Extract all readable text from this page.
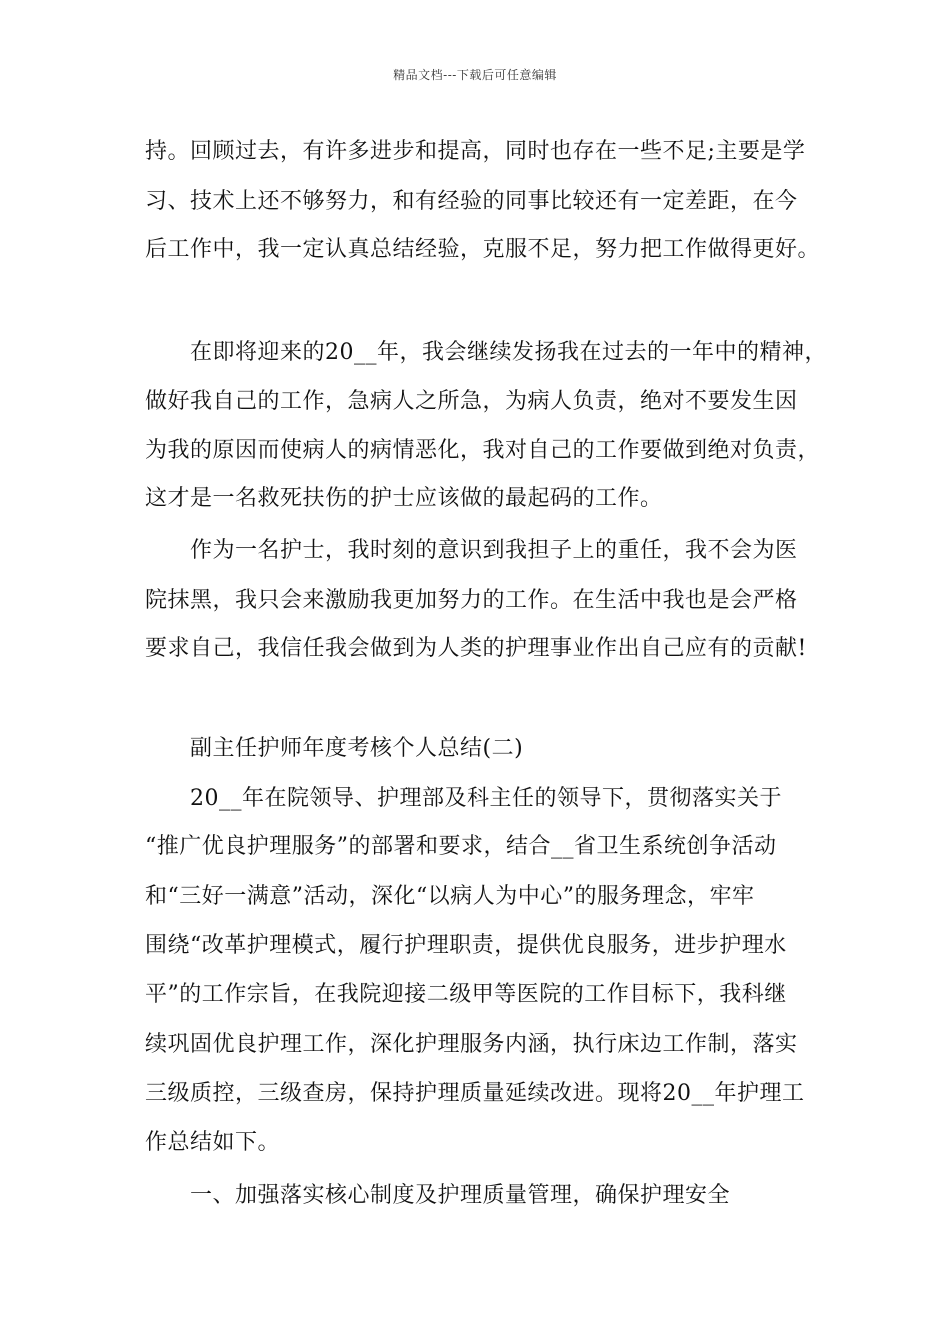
精品文档---下载后可任意编辑
持。回顾过去，有许多进步和提高，同时也存在一些不足;主要是学
习、技术上还不够努力，和有经验的同事比较还有一定差距，在今
后工作中，我一定认真总结经验，克服不足，努力把工作做得更好。
在即将迎来的20__年，我会继续发扬我在过去的一年中的精神，
做好我自己的工作，急病人之所急，为病人负责，绝对不要发生因
为我的原因而使病人的病情恶化，我对自己的工作要做到绝对负责，
这才是一名救死扶伤的护士应该做的最起码的工作。
作为一名护士，我时刻的意识到我担子上的重任，我不会为医
院抹黑，我只会来激励我更加努力的工作。在生活中我也是会严格
要求自己，我信任我会做到为人类的护理事业作出自己应有的贡献!
副主任护师年度考核个人总结(二)
20__年在院领导、护理部及科主任的领导下，贯彻落实关于
“推广优良护理服务”的部署和要求，结合__省卫生系统创争活动
和“三好一满意”活动，深化“以病人为中心”的服务理念，牢牢
围绕“改革护理模式，履行护理职责，提供优良服务，进步护理水
平”的工作宗旨，在我院迎接二级甲等医院的工作目标下，我科继
续巩固优良护理工作，深化护理服务内涵，执行床边工作制，落实
三级质控，三级查房，保持护理质量延续改进。现将20__年护理工
作总结如下。
一、加强落实核心制度及护理质量管理，确保护理安全
